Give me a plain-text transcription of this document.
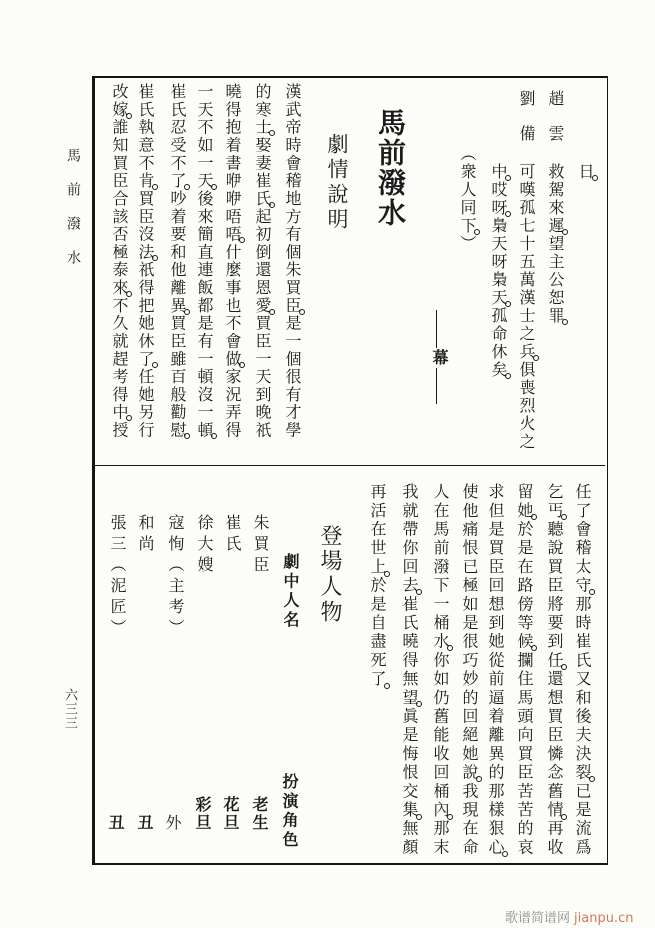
馬前潑水
六三三
日
趙雲
救駕來遲望主公恕罪
劉備
可嘆孤七十五萬漢士之兵俱喪烈火之
中哎呀梟天呀梟天孤命休矣
（衆人同下）
幕
馬前潑水
劇情說明
漢武帝時會稽地方有個朱買臣是一個很有才學
的寒士娶妻崔氏起初倒還恩愛買臣一天到晚祇
曉得抱着書咿咿唔唔什麼事也不會做家況弄得
一天不如一天後來簡直連飯都是有一頓沒一頓
崔氏忍受不了吵着要和他離異買臣雖百般勸慰
崔氏執意不肯買臣沒法祇得把她休了任她另行
改嫁誰知買臣合該否極泰來不久就趕考得中授
任了會稽太守那時崔氏又和後夫決裂已是流爲
乞丐聽說買臣將要到任還想買臣憐念舊情再收
留她於是在路傍等候攔住馬頭向買臣苦苦的哀
求但是買臣回想到她從前逼着離異的那樣狠心
使他痛恨已極如是很巧妙的回絕她說我現在命
人在馬前潑下一桶水你如仍舊能收回桶內那末
我就帶你回去崔氏曉得無望眞是悔恨交集無顏
再活在世上於是自盡死了
登場人物
劇中人名
扮演角色
朱買臣
崔氏
徐大嫂
寇恂（主考）
和尚
張三（泥匠）
老生
花旦
彩旦
外
丑
丑
歌谱简谱网 jianpu.cn
